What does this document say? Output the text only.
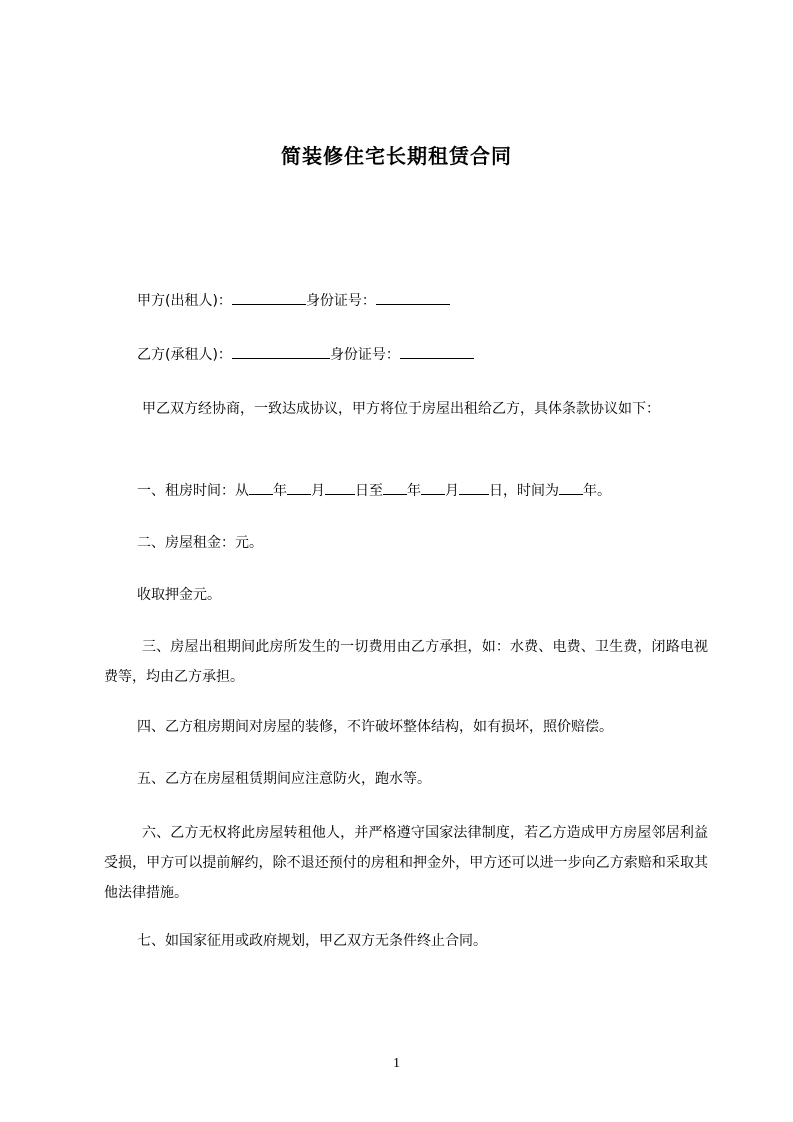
简装修住宅长期租赁合同
甲方(出租人)：	身份证号：
乙方(承租人)：	身份证号：
甲乙双方经协商，一致达成协议，甲方将位于房屋出租给乙方，具体条款协议如下：
一、租房时间：从 年 月 日至 年 月 日，时间为 年。
二、房屋租金：元。
收取押金元。
三、房屋出租期间此房所发生的一切费用由乙方承担，如：水费、电费、卫生费，闭路电视费等，均由乙方承担。
四、乙方租房期间对房屋的装修，不许破坏整体结构，如有损坏，照价赔偿。
五、乙方在房屋租赁期间应注意防火，跑水等。
六、乙方无权将此房屋转租他人，并严格遵守国家法律制度，若乙方造成甲方房屋邻居利益受损，甲方可以提前解约，除不退还预付的房租和押金外，甲方还可以进一步向乙方索赔和采取其他法律措施。
七、如国家征用或政府规划，甲乙双方无条件终止合同。
1
